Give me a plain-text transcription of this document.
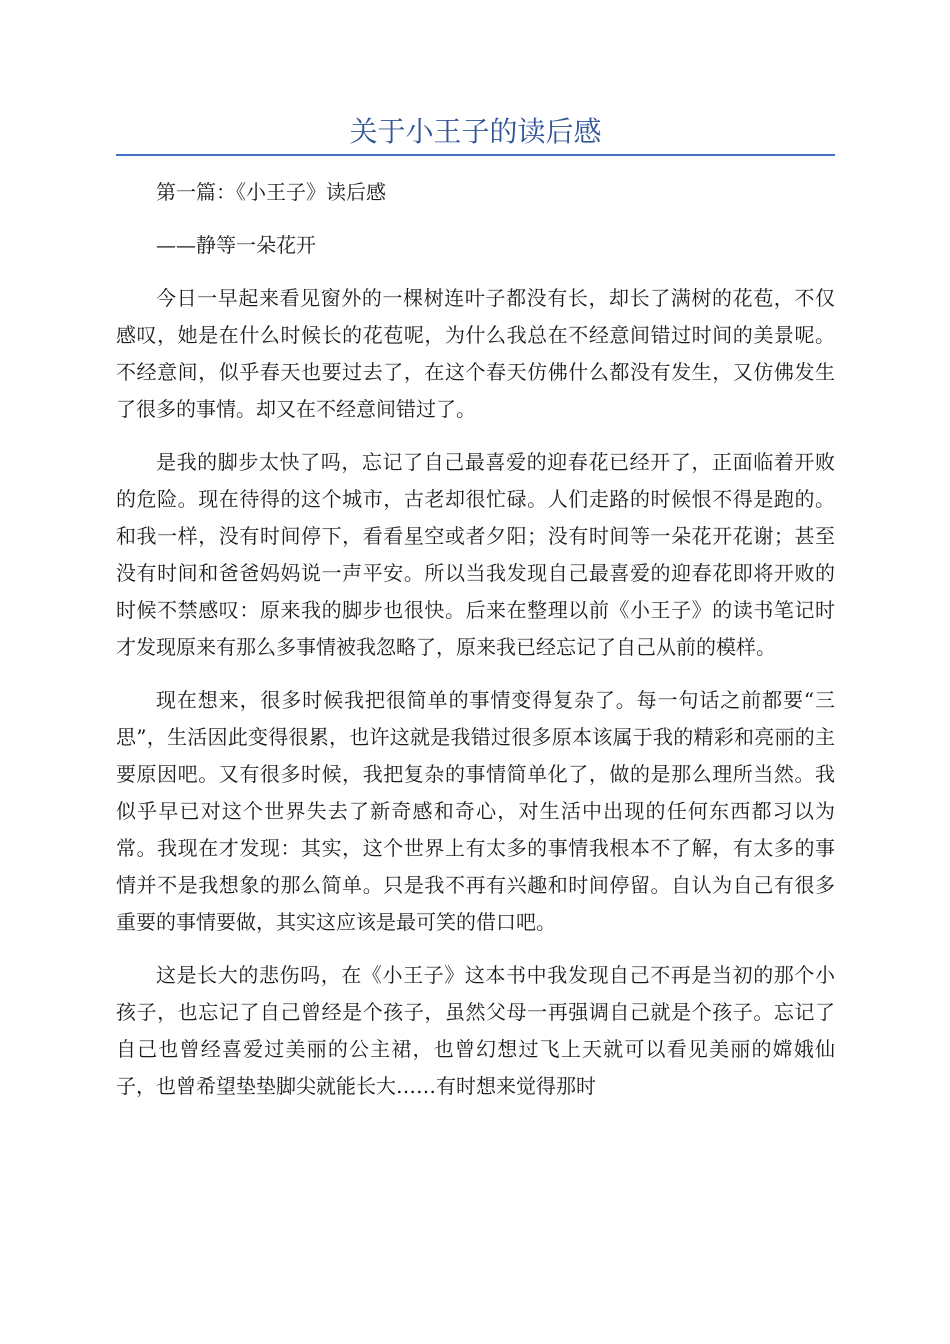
关于小王子的读后感

第一篇：《小王子》读后感

——静等一朵花开

今日一早起来看见窗外的一棵树连叶子都没有长，却长了满树的花苞，不仅感叹，她是在什么时候长的花苞呢，为什么我总在不经意间错过时间的美景呢。不经意间，似乎春天也要过去了，在这个春天仿佛什么都没有发生，又仿佛发生了很多的事情。却又在不经意间错过了。

是我的脚步太快了吗，忘记了自己最喜爱的迎春花已经开了，正面临着开败的危险。现在待得的这个城市，古老却很忙碌。人们走路的时候恨不得是跑的。和我一样，没有时间停下，看看星空或者夕阳；没有时间等一朵花开花谢；甚至没有时间和爸爸妈妈说一声平安。所以当我发现自己最喜爱的迎春花即将开败的时候不禁感叹：原来我的脚步也很快。后来在整理以前《小王子》的读书笔记时才发现原来有那么多事情被我忽略了，原来我已经忘记了自己从前的模样。

现在想来，很多时候我把很简单的事情变得复杂了。每一句话之前都要“三思”，生活因此变得很累，也许这就是我错过很多原本该属于我的精彩和亮丽的主要原因吧。又有很多时候，我把复杂的事情简单化了，做的是那么理所当然。我似乎早已对这个世界失去了新奇感和奇心，对生活中出现的任何东西都习以为常。我现在才发现：其实，这个世界上有太多的事情我根本不了解，有太多的事情并不是我想象的那么简单。只是我不再有兴趣和时间停留。自认为自己有很多重要的事情要做，其实这应该是最可笑的借口吧。

这是长大的悲伤吗，在《小王子》这本书中我发现自己不再是当初的那个小孩子，也忘记了自己曾经是个孩子，虽然父母一再强调自己就是个孩子。忘记了自己也曾经喜爱过美丽的公主裙，也曾幻想过飞上天就可以看见美丽的嫦娥仙子，也曾希望垫垫脚尖就能长大……有时想来觉得那时
